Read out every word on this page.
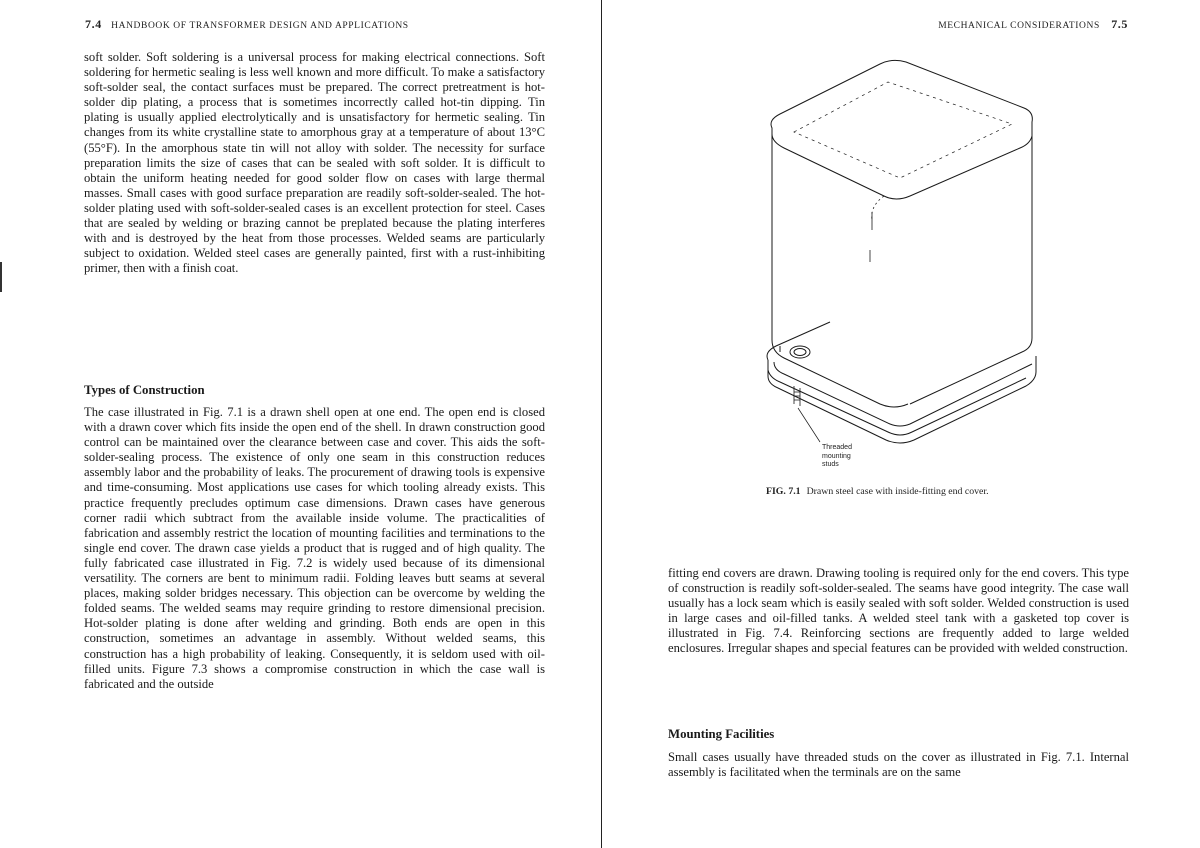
7.4 HANDBOOK OF TRANSFORMER DESIGN AND APPLICATIONS

soft solder. Soft soldering is a universal process for making electrical connections. Soft soldering for hermetic sealing is less well known and more difficult. To make a satisfactory soft-solder seal, the contact surfaces must be prepared. The correct pretreatment is hot-solder dip plating, a process that is sometimes incorrectly called hot-tin dipping. Tin plating is usually applied electrolytically and is unsatisfactory for hermetic sealing. Tin changes from its white crystalline state to amorphous gray at a temperature of about 13°C (55°F). In the amorphous state tin will not alloy with solder. The necessity for surface preparation limits the size of cases that can be sealed with soft solder. It is difficult to obtain the uniform heating needed for good solder flow on cases with large thermal masses. Small cases with good surface preparation are readily soft-solder-sealed. The hot-solder plating used with soft-solder-sealed cases is an excellent protection for steel. Cases that are sealed by welding or brazing cannot be preplated because the plating interferes with and is destroyed by the heat from those processes. Welded seams are particularly subject to oxidation. Welded steel cases are generally painted, first with a rust-inhibiting primer, then with a finish coat.

Types of Construction

The case illustrated in Fig. 7.1 is a drawn shell open at one end. The open end is closed with a drawn cover which fits inside the open end of the shell. In drawn construction good control can be maintained over the clearance between case and cover. This aids the soft-solder-sealing process. The existence of only one seam in this construction reduces assembly labor and the probability of leaks. The procurement of drawing tools is expensive and time-consuming. Most applications use cases for which tooling already exists. This practice frequently precludes optimum case dimensions. Drawn cases have generous corner radii which subtract from the available inside volume. The practicalities of fabrication and assembly restrict the location of mounting facilities and terminations to the single end cover. The drawn case yields a product that is rugged and of high quality. The fully fabricated case illustrated in Fig. 7.2 is widely used because of its dimensional versatility. The corners are bent to minimum radii. Folding leaves butt seams at several places, making solder bridges necessary. This objection can be overcome by welding the folded seams. The welded seams may require grinding to restore dimensional precision. Hot-solder plating is done after welding and grinding. Both ends are open in this construction, sometimes an advantage in assembly. Without welded seams, this construction has a high probability of leaking. Consequently, it is seldom used with oil-filled units. Figure 7.3 shows a compromise construction in which the case wall is fabricated and the outside

MECHANICAL CONSIDERATIONS 7.5
Threaded
mounting
studs
FIG. 7.1 Drawn steel case with inside-fitting end cover.

fitting end covers are drawn. Drawing tooling is required only for the end covers. This type of construction is readily soft-solder-sealed. The seams have good integrity. The case wall usually has a lock seam which is easily sealed with soft solder. Welded construction is used in large cases and oil-filled tanks. A welded steel tank with a gasketed top cover is illustrated in Fig. 7.4. Reinforcing sections are frequently added to large welded enclosures. Irregular shapes and special features can be provided with welded construction.

Mounting Facilities

Small cases usually have threaded studs on the cover as illustrated in Fig. 7.1. Internal assembly is facilitated when the terminals are on the same
